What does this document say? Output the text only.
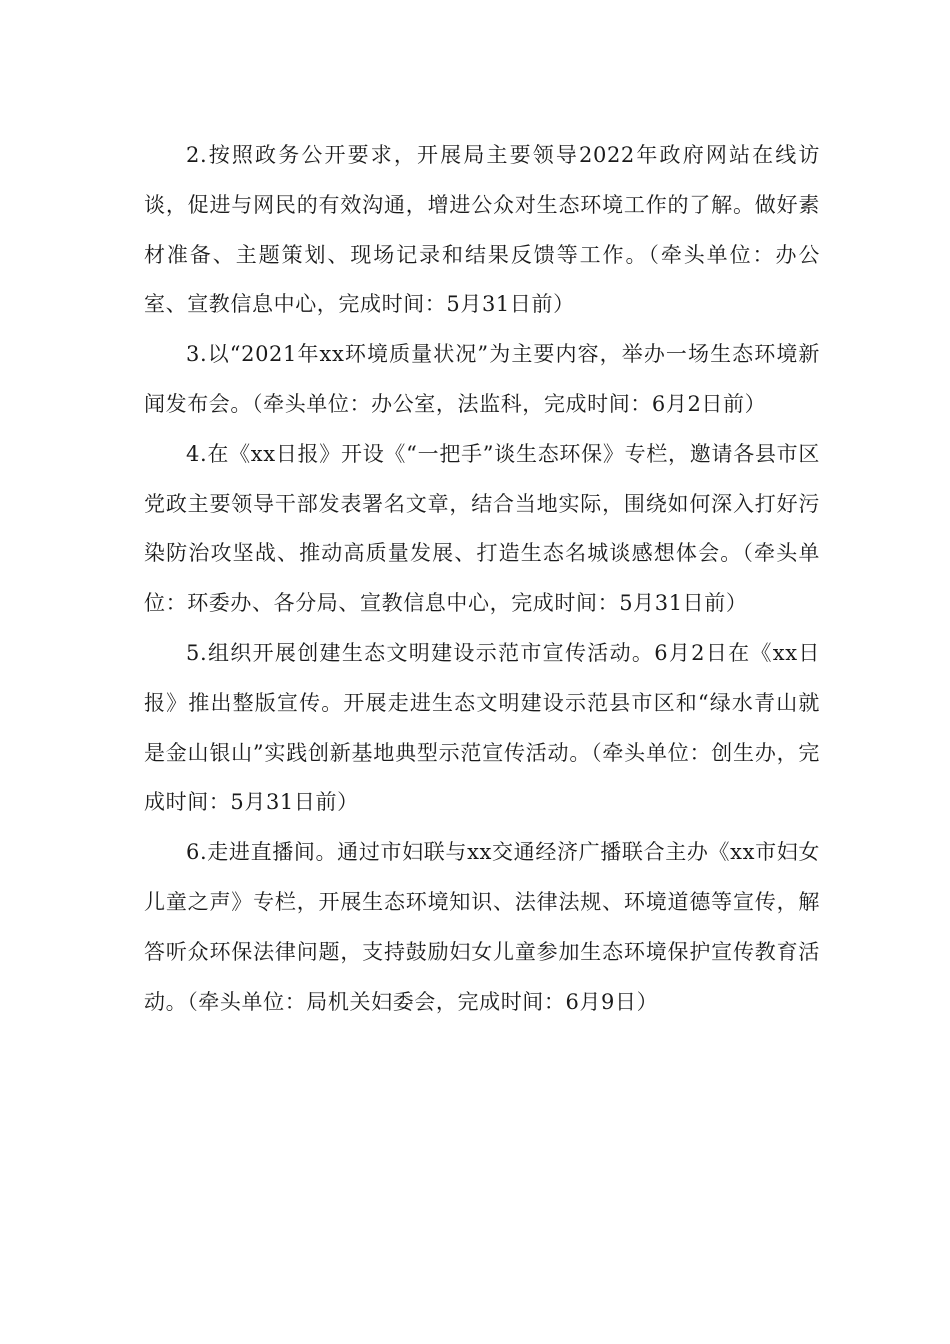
2.按照政务公开要求，开展局主要领导2022年政府网站在线访谈，促进与网民的有效沟通，增进公众对生态环境工作的了解。做好素材准备、主题策划、现场记录和结果反馈等工作。（牵头单位：办公室、宣教信息中心，完成时间：5月31日前）

3.以“2021年xx环境质量状况”为主要内容，举办一场生态环境新闻发布会。（牵头单位：办公室，法监科，完成时间：6月2日前）

4.在《xx日报》开设《“一把手”谈生态环保》专栏，邀请各县市区党政主要领导干部发表署名文章，结合当地实际，围绕如何深入打好污染防治攻坚战、推动高质量发展、打造生态名城谈感想体会。（牵头单位：环委办、各分局、宣教信息中心，完成时间：5月31日前）

5.组织开展创建生态文明建设示范市宣传活动。6月2日在《xx日报》推出整版宣传。开展走进生态文明建设示范县市区和“绿水青山就是金山银山”实践创新基地典型示范宣传活动。（牵头单位：创生办，完成时间：5月31日前）

6.走进直播间。通过市妇联与xx交通经济广播联合主办《xx市妇女儿童之声》专栏，开展生态环境知识、法律法规、环境道德等宣传，解答听众环保法律问题，支持鼓励妇女儿童参加生态环境保护宣传教育活动。（牵头单位：局机关妇委会，完成时间：6月9日）
